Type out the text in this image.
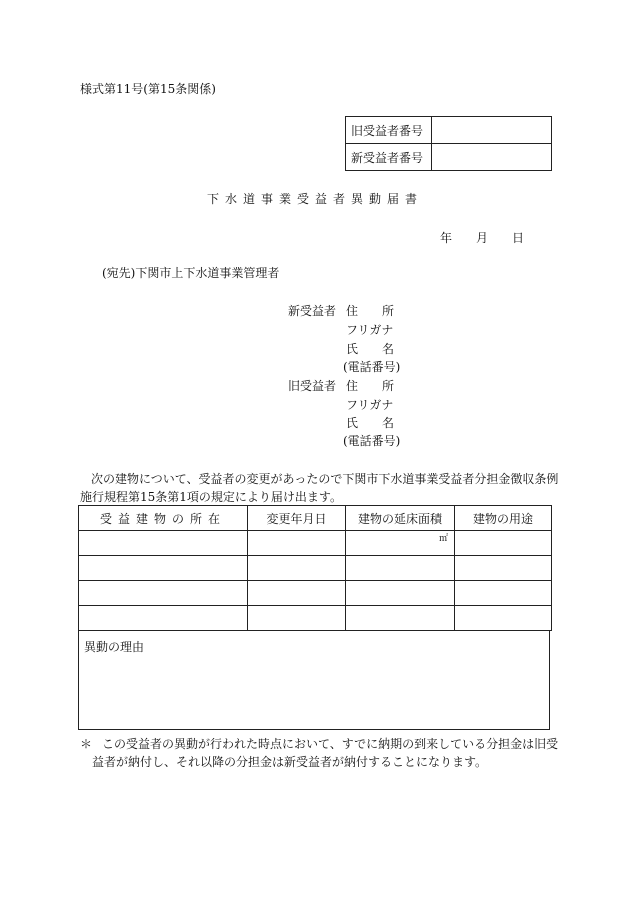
様式第11号(第15条関係)
旧受益者番号	
新受益者番号	
下水道事業受益者異動届書
年 月 日
(宛先)下関市上下水道事業管理者
新受益者 住　　所
フリガナ
氏　　名
(電話番号)
旧受益者 住　　所
フリガナ
氏　　名
(電話番号)
次の建物について、受益者の変更があったので下関市下水道事業受益者分担金徴収条例
施行規程第15条第1項の規定により届け出ます。
受益建物の所在	変更年月日	建物の延床面積	建物の用途
		㎡	

異動の理由
＊ この受益者の異動が行われた時点において、すでに納期の到来している分担金は旧受
益者が納付し、それ以降の分担金は新受益者が納付することになります。
